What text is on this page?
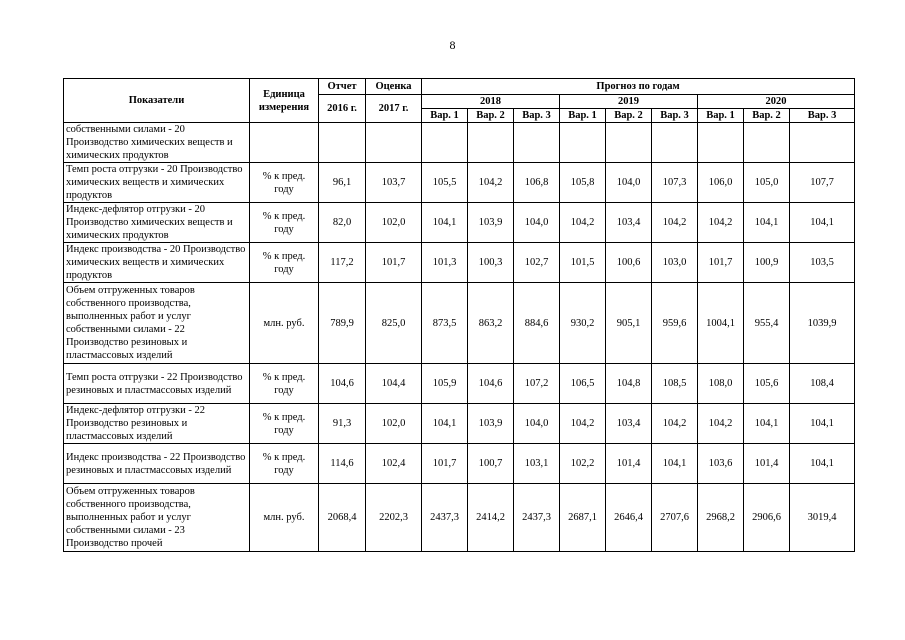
8
Показатели	Единица измерения	Отчет	Оценка	Прогноз по годам								
		2016 г.	2017 г.	2018			2019			2020		
				Вар. 1	Вар. 2	Вар. 3	Вар. 1	Вар. 2	Вар. 3	Вар. 1	Вар. 2	Вар. 3
собственными силами - 20 Производство химических веществ и химических продуктов												
Темп роста отгрузки - 20 Производство химических веществ и химических продуктов	% к пред. году	96,1	103,7	105,5	104,2	106,8	105,8	104,0	107,3	106,0	105,0	107,7
Индекс-дефлятор отгрузки - 20 Производство химических веществ и химических продуктов	% к пред. году	82,0	102,0	104,1	103,9	104,0	104,2	103,4	104,2	104,2	104,1	104,1
Индекс производства - 20 Производство химических веществ и химических продуктов	% к пред. году	117,2	101,7	101,3	100,3	102,7	101,5	100,6	103,0	101,7	100,9	103,5
Объем отгруженных товаров собственного производства, выполненных работ и услуг собственными силами - 22 Производство резиновых и пластмассовых изделий	млн. руб.	789,9	825,0	873,5	863,2	884,6	930,2	905,1	959,6	1004,1	955,4	1039,9
Темп роста отгрузки - 22 Производство резиновых и пластмассовых изделий	% к пред. году	104,6	104,4	105,9	104,6	107,2	106,5	104,8	108,5	108,0	105,6	108,4
Индекс-дефлятор отгрузки - 22 Производство резиновых и пластмассовых изделий	% к пред. году	91,3	102,0	104,1	103,9	104,0	104,2	103,4	104,2	104,2	104,1	104,1
Индекс производства - 22 Производство резиновых и пластмассовых изделий	% к пред. году	114,6	102,4	101,7	100,7	103,1	102,2	101,4	104,1	103,6	101,4	104,1
Объем отгруженных товаров собственного производства, выполненных работ и услуг собственными силами - 23 Производство прочей	млн. руб.	2068,4	2202,3	2437,3	2414,2	2437,3	2687,1	2646,4	2707,6	2968,2	2906,6	3019,4
